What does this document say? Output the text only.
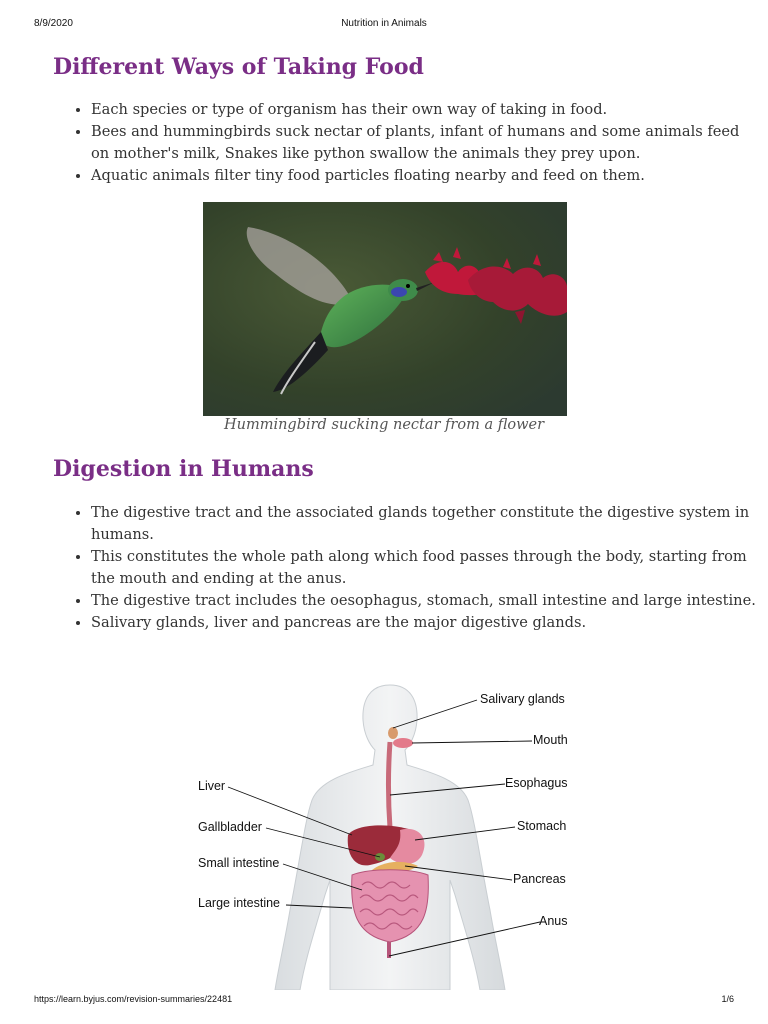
8/9/2020	Nutrition in Animals
Different Ways of Taking Food
• Each species or type of organism has their own way of taking in food.
• Bees and hummingbirds suck nectar of plants, infant of humans and some animals feed on mother's milk, Snakes like python swallow the animals they prey upon.
• Aquatic animals filter tiny food particles floating nearby and feed on them.
Hummingbird sucking nectar from a flower
Digestion in Humans
• The digestive tract and the associated glands together constitute the digestive system in humans.
• This constitutes the whole path along which food passes through the body, starting from the mouth and ending at the anus.
• The digestive tract includes the oesophagus, stomach, small intestine and large intestine.
• Salivary glands, liver and pancreas are the major digestive glands.
Salivary glands
Mouth
Esophagus
Stomach
Pancreas
Anus
Liver
Gallbladder
Small intestine
Large intestine
https://learn.byjus.com/revision-summaries/22481	1/6
